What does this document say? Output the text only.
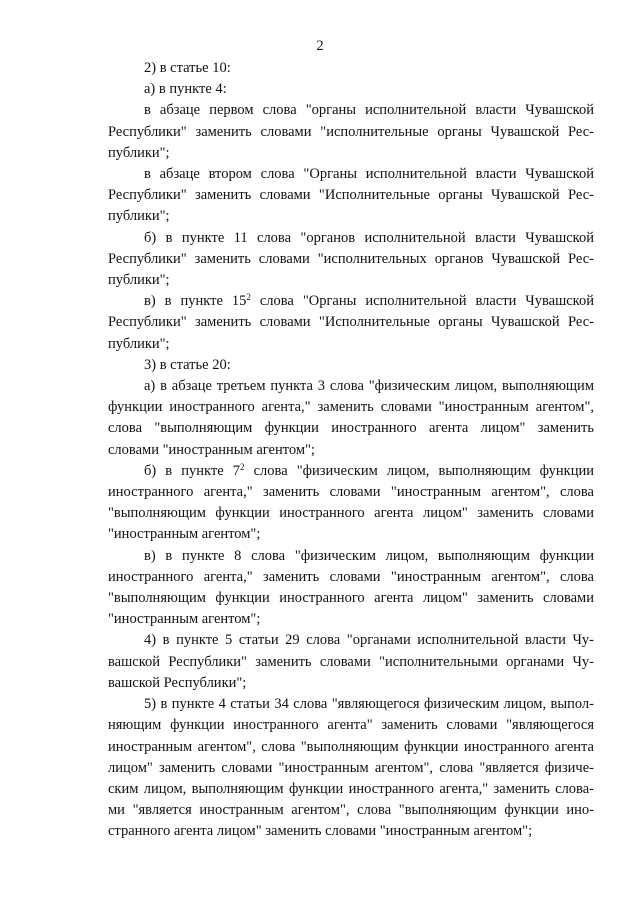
2

2) в статье 10:

а) в пункте 4:

в абзаце первом слова "органы исполнительной власти Чувашской Республики" заменить словами "исполнительные органы Чувашской Республики";

в абзаце втором слова "Органы исполнительной власти Чувашской Республики" заменить словами "Исполнительные органы Чувашской Республики";

б) в пункте 11 слова "органов исполнительной власти Чувашской Республики" заменить словами "исполнительных органов Чувашской Республики";

в) в пункте $15^2$ слова "Органы исполнительной власти Чувашской Республики" заменить словами "Исполнительные органы Чувашской Республики";

3) в статье 20:

а) в абзаце третьем пункта 3 слова "физическим лицом, выполняющим функции иностранного агента," заменить словами "иностранным агентом", слова "выполняющим функции иностранного агента лицом" заменить словами "иностранным агентом";

б) в пункте $7^2$ слова "физическим лицом, выполняющим функции иностранного агента," заменить словами "иностранным агентом", слова "выполняющим функции иностранного агента лицом" заменить словами "иностранным агентом";

в) в пункте 8 слова "физическим лицом, выполняющим функции иностранного агента," заменить словами "иностранным агентом", слова "выполняющим функции иностранного агента лицом" заменить словами "иностранным агентом";

4) в пункте 5 статьи 29 слова "органами исполнительной власти Чувашской Республики" заменить словами "исполнительными органами Чувашской Республики";

5) в пункте 4 статьи 34 слова "являющегося физическим лицом, выполняющим функции иностранного агента" заменить словами "являющегося иностранным агентом", слова "выполняющим функции иностранного агента лицом" заменить словами "иностранным агентом", слова "является физическим лицом, выполняющим функции иностранного агента," заменить словами "является иностранным агентом", слова "выполняющим функции иностранного агента лицом" заменить словами "иностранным агентом";
